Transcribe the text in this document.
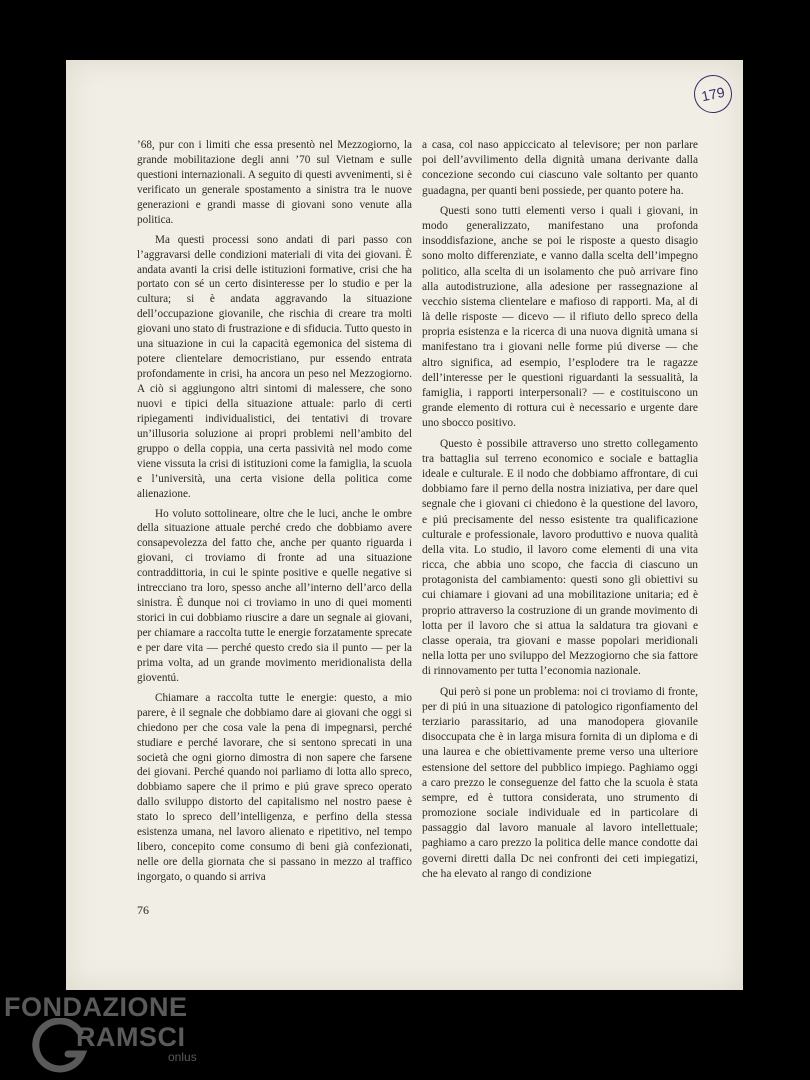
179

’68, pur con i limiti che essa presentò nel Mezzogiorno, la grande mobilitazione degli anni ’70 sul Vietnam e sulle questioni internazionali. A seguito di questi avvenimenti, si è verificato un generale spostamento a sinistra tra le nuove generazioni e grandi masse di giovani sono venute alla politica.

Ma questi processi sono andati di pari passo con l’aggravarsi delle condizioni materiali di vita dei giovani. È andata avanti la crisi delle istituzioni formative, crisi che ha portato con sé un certo disinteresse per lo studio e per la cultura; si è andata aggravando la situazione dell’occupazione giovanile, che rischia di creare tra molti giovani uno stato di frustrazione e di sfiducia. Tutto questo in una situazione in cui la capacità egemonica del sistema di potere clientelare democristiano, pur essendo entrata profondamente in crisi, ha ancora un peso nel Mezzogiorno. A ciò si aggiungono altri sintomi di malessere, che sono nuovi e tipici della situazione attuale: parlo di certi ripiegamenti individualistici, dei tentativi di trovare un’illusoria soluzione ai propri problemi nell’ambito del gruppo o della coppia, una certa passività nel modo come viene vissuta la crisi di istituzioni come la famiglia, la scuola e l’università, una certa visione della politica come alienazione.

Ho voluto sottolineare, oltre che le luci, anche le ombre della situazione attuale perché credo che dobbiamo avere consapevolezza del fatto che, anche per quanto riguarda i giovani, ci troviamo di fronte ad una situazione contraddittoria, in cui le spinte positive e quelle negative si intrecciano tra loro, spesso anche all’interno dell’arco della sinistra. È dunque noi ci troviamo in uno di quei momenti storici in cui dobbiamo riuscire a dare un segnale ai giovani, per chiamare a raccolta tutte le energie forzatamente sprecate e per dare vita — perché questo credo sia il punto — per la prima volta, ad un grande movimento meridionalista della gioventú.

Chiamare a raccolta tutte le energie: questo, a mio parere, è il segnale che dobbiamo dare ai giovani che oggi si chiedono per che cosa vale la pena di impegnarsi, perché studiare e perché lavorare, che si sentono sprecati in una società che ogni giorno dimostra di non sapere che farsene dei giovani. Perché quando noi parliamo di lotta allo spreco, dobbiamo sapere che il primo e piú grave spreco operato dallo sviluppo distorto del capitalismo nel nostro paese è stato lo spreco dell’intelligenza, e perfino della stessa esistenza umana, nel lavoro alienato e ripetitivo, nel tempo libero, concepito come consumo di beni già confezionati, nelle ore della giornata che si passano in mezzo al traffico ingorgato, o quando si arriva

a casa, col naso appiccicato al televisore; per non parlare poi dell’avvilimento della dignità umana derivante dalla concezione secondo cui ciascuno vale soltanto per quanto guadagna, per quanti beni possiede, per quanto potere ha.

Questi sono tutti elementi verso i quali i giovani, in modo generalizzato, manifestano una profonda insoddisfazione, anche se poi le risposte a questo disagio sono molto differenziate, e vanno dalla scelta dell’impegno politico, alla scelta di un isolamento che può arrivare fino alla autodistruzione, alla adesione per rassegnazione al vecchio sistema clientelare e mafioso di rapporti. Ma, al di là delle risposte — dicevo — il rifiuto dello spreco della propria esistenza e la ricerca di una nuova dignità umana si manifestano tra i giovani nelle forme piú diverse — che altro significa, ad esempio, l’esplodere tra le ragazze dell’interesse per le questioni riguardanti la sessualità, la famiglia, i rapporti interpersonali? — e costituiscono un grande elemento di rottura cui è necessario e urgente dare uno sbocco positivo.

Questo è possibile attraverso uno stretto collegamento tra battaglia sul terreno economico e sociale e battaglia ideale e culturale. E il nodo che dobbiamo affrontare, di cui dobbiamo fare il perno della nostra iniziativa, per dare quel segnale che i giovani ci chiedono è la questione del lavoro, e piú precisamente del nesso esistente tra qualificazione culturale e professionale, lavoro produttivo e nuova qualità della vita. Lo studio, il lavoro come elementi di una vita ricca, che abbia uno scopo, che faccia di ciascuno un protagonista del cambiamento: questi sono gli obiettivi su cui chiamare i giovani ad una mobilitazione unitaria; ed è proprio attraverso la costruzione di un grande movimento di lotta per il lavoro che si attua la saldatura tra giovani e classe operaia, tra giovani e masse popolari meridionali nella lotta per uno sviluppo del Mezzogiorno che sia fattore di rinnovamento per tutta l’economia nazionale.

Qui però si pone un problema: noi ci troviamo di fronte, per di piú in una situazione di patologico rigonfiamento del terziario parassitario, ad una manodopera giovanile disoccupata che è in larga misura fornita di un diploma e di una laurea e che obiettivamente preme verso una ulteriore estensione del settore del pubblico impiego. Paghiamo oggi a caro prezzo le conseguenze del fatto che la scuola è stata sempre, ed è tuttora considerata, uno strumento di promozione sociale individuale ed in particolare di passaggio dal lavoro manuale al lavoro intellettuale; paghiamo a caro prezzo la politica delle mance condotte dai governi diretti dalla Dc nei confronti dei ceti impiegatizi, che ha elevato al rango di condizione

76
FONDAZIONE
RAMSCI
onlus
